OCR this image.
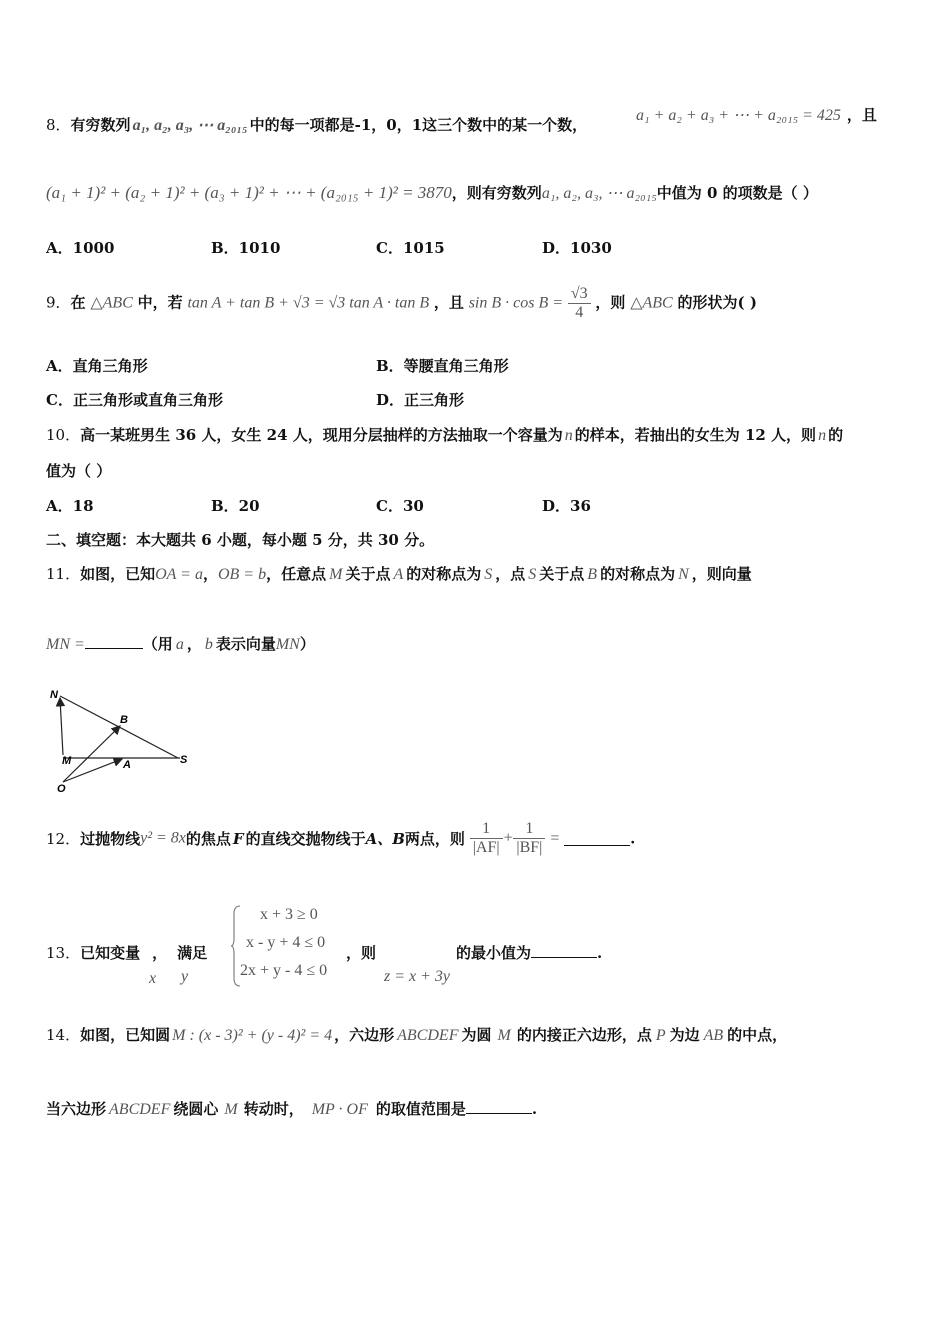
8．有穷数列 a₁, a₂, a₃, ⋯ a₂₀₁₅ 中的每一项都是-1，0，1这三个数中的某一个数，
a₁ + a₂ + a₃ + ⋯ + a₂₀₁₅ = 425 ，且
(a₁ + 1)² + (a₂ + 1)² + (a₃ + 1)² + ⋯ + (a₂₀₁₅ + 1)² = 3870，则有穷数列a₁, a₂, a₃, ⋯ a₂₀₁₅中值为 0 的项数是（ ）
A．1000	B．1010	C．1015	D．1030
9．在 △ABC 中，若 tan A + tan B + √3 = √3 tan A · tan B ，且 $\sin B \cdot \cos B = \frac{√3}{4}$ ，则 △ABC 的形状为( )
A．直角三角形	B．等腰直角三角形
C．正三角形或直角三角形	D．正三角形
10．高一某班男生 36 人，女生 24 人，现用分层抽样的方法抽取一个容量为 n 的样本，若抽出的女生为 12 人，则 n 的
值为（ ）
A．18	B．20	C．30	D．36
二、填空题：本大题共 6 小题，每小题 5 分，共 30 分。
11．如图，已知OA = a，OB = b，任意点 M 关于点 A 的对称点为 S ，点 S 关于点 B 的对称点为 N ，则向量
MN =	（用 a ， b 表示向量MN）
N
B
M	A	S
O
12．过抛物线y² = 8x的焦点 F 的直线交抛物线于A、B两点，则 $\frac{1}{|AF|} + \frac{1}{|BF|}$ =	.
13．已知变量 ， 满足
x y
x + 3 ≥ 0
x - y + 4 ≤ 0
2x + y - 4 ≤ 0
，则	的最小值为	.
z = x + 3y
14．如图，已知圆 M : (x - 3)² + (y - 4)² = 4 ，六边形 ABCDEF 为圆 M 的内接正六边形，点 P 为边 AB 的中点，
当六边形 ABCDEF 绕圆心 M 转动时， MP · OF 的取值范围是	.
